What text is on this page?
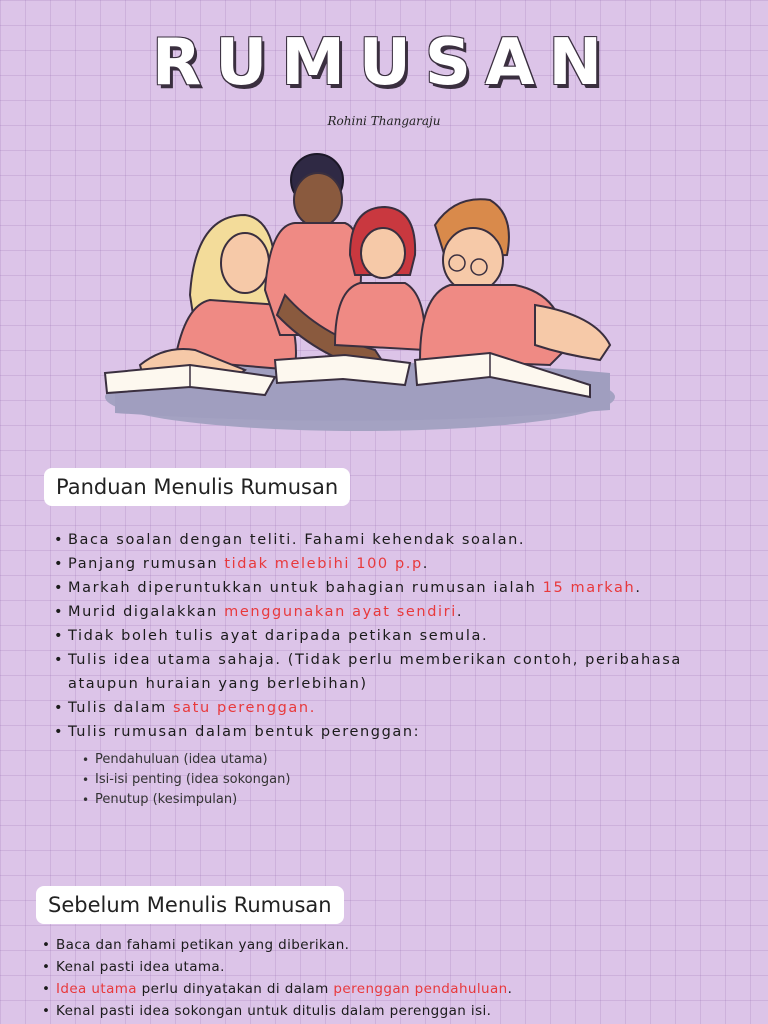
RUMUSAN
Rohini Thangaraju
Panduan Menulis Rumusan
• Baca soalan dengan teliti. Fahami kehendak soalan.
• Panjang rumusan tidak melebihi 100 p.p.
• Markah diperuntukkan untuk bahagian rumusan ialah 15 markah.
• Murid digalakkan menggunakan ayat sendiri.
• Tidak boleh tulis ayat daripada petikan semula.
• Tulis idea utama sahaja. (Tidak perlu memberikan contoh, peribahasa ataupun huraian yang berlebihan)
• Tulis dalam satu perenggan.
• Tulis rumusan dalam bentuk perenggan:
• Pendahuluan (idea utama)
• Isi-isi penting (idea sokongan)
• Penutup (kesimpulan)
Sebelum Menulis Rumusan
• Baca dan fahami petikan yang diberikan.
• Kenal pasti idea utama.
• Idea utama perlu dinyatakan di dalam perenggan pendahuluan.
• Kenal pasti idea sokongan untuk ditulis dalam perenggan isi.
